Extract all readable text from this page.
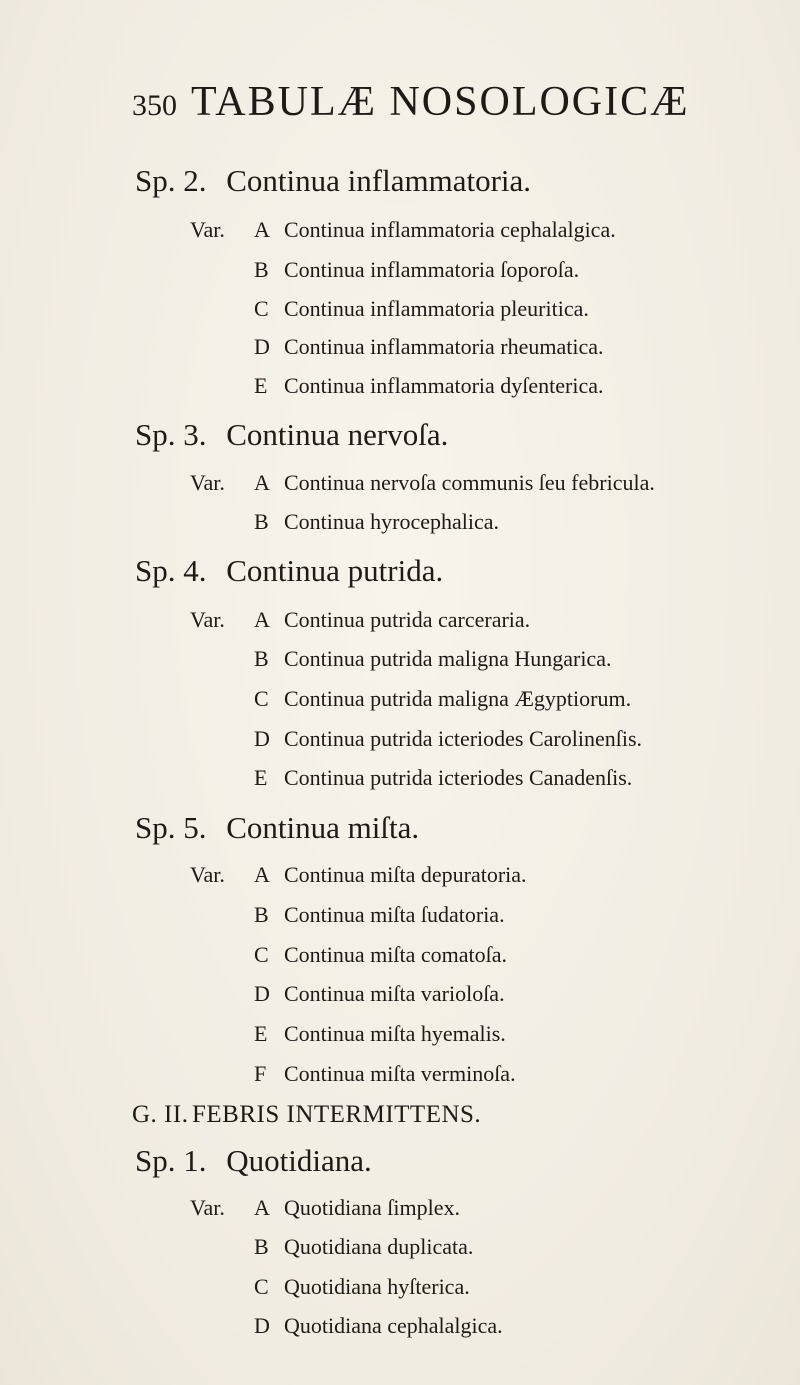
350 TABULÆ NOSOLOGICÆ
Sp. 2. Continua inflammatoria.
Var. A Continua inflammatoria cephalalgica.
B Continua inflammatoria ſoporoſa.
C Continua inflammatoria pleuritica.
D Continua inflammatoria rheumatica.
E Continua inflammatoria dyſenterica.
Sp. 3. Continua nervoſa.
Var. A Continua nervoſa communis ſeu febricula.
B Continua hyrocephalica.
Sp. 4. Continua putrida.
Var. A Continua putrida carceraria.
B Continua putrida maligna Hungarica.
C Continua putrida maligna Ægyptiorum.
D Continua putrida icteriodes Carolinenſis.
E Continua putrida icteriodes Canadenſis.
Sp. 5. Continua miſta.
Var. A Continua miſta depuratoria.
B Continua miſta ſudatoria.
C Continua miſta comatoſa.
D Continua miſta varioloſa.
E Continua miſta hyemalis.
F Continua miſta verminoſa.
G. II. FEBRIS INTERMITTENS.
Sp. 1. Quotidiana.
Var. A Quotidiana ſimplex.
B Quotidiana duplicata.
C Quotidiana hyſterica.
D Quotidiana cephalalgica.
